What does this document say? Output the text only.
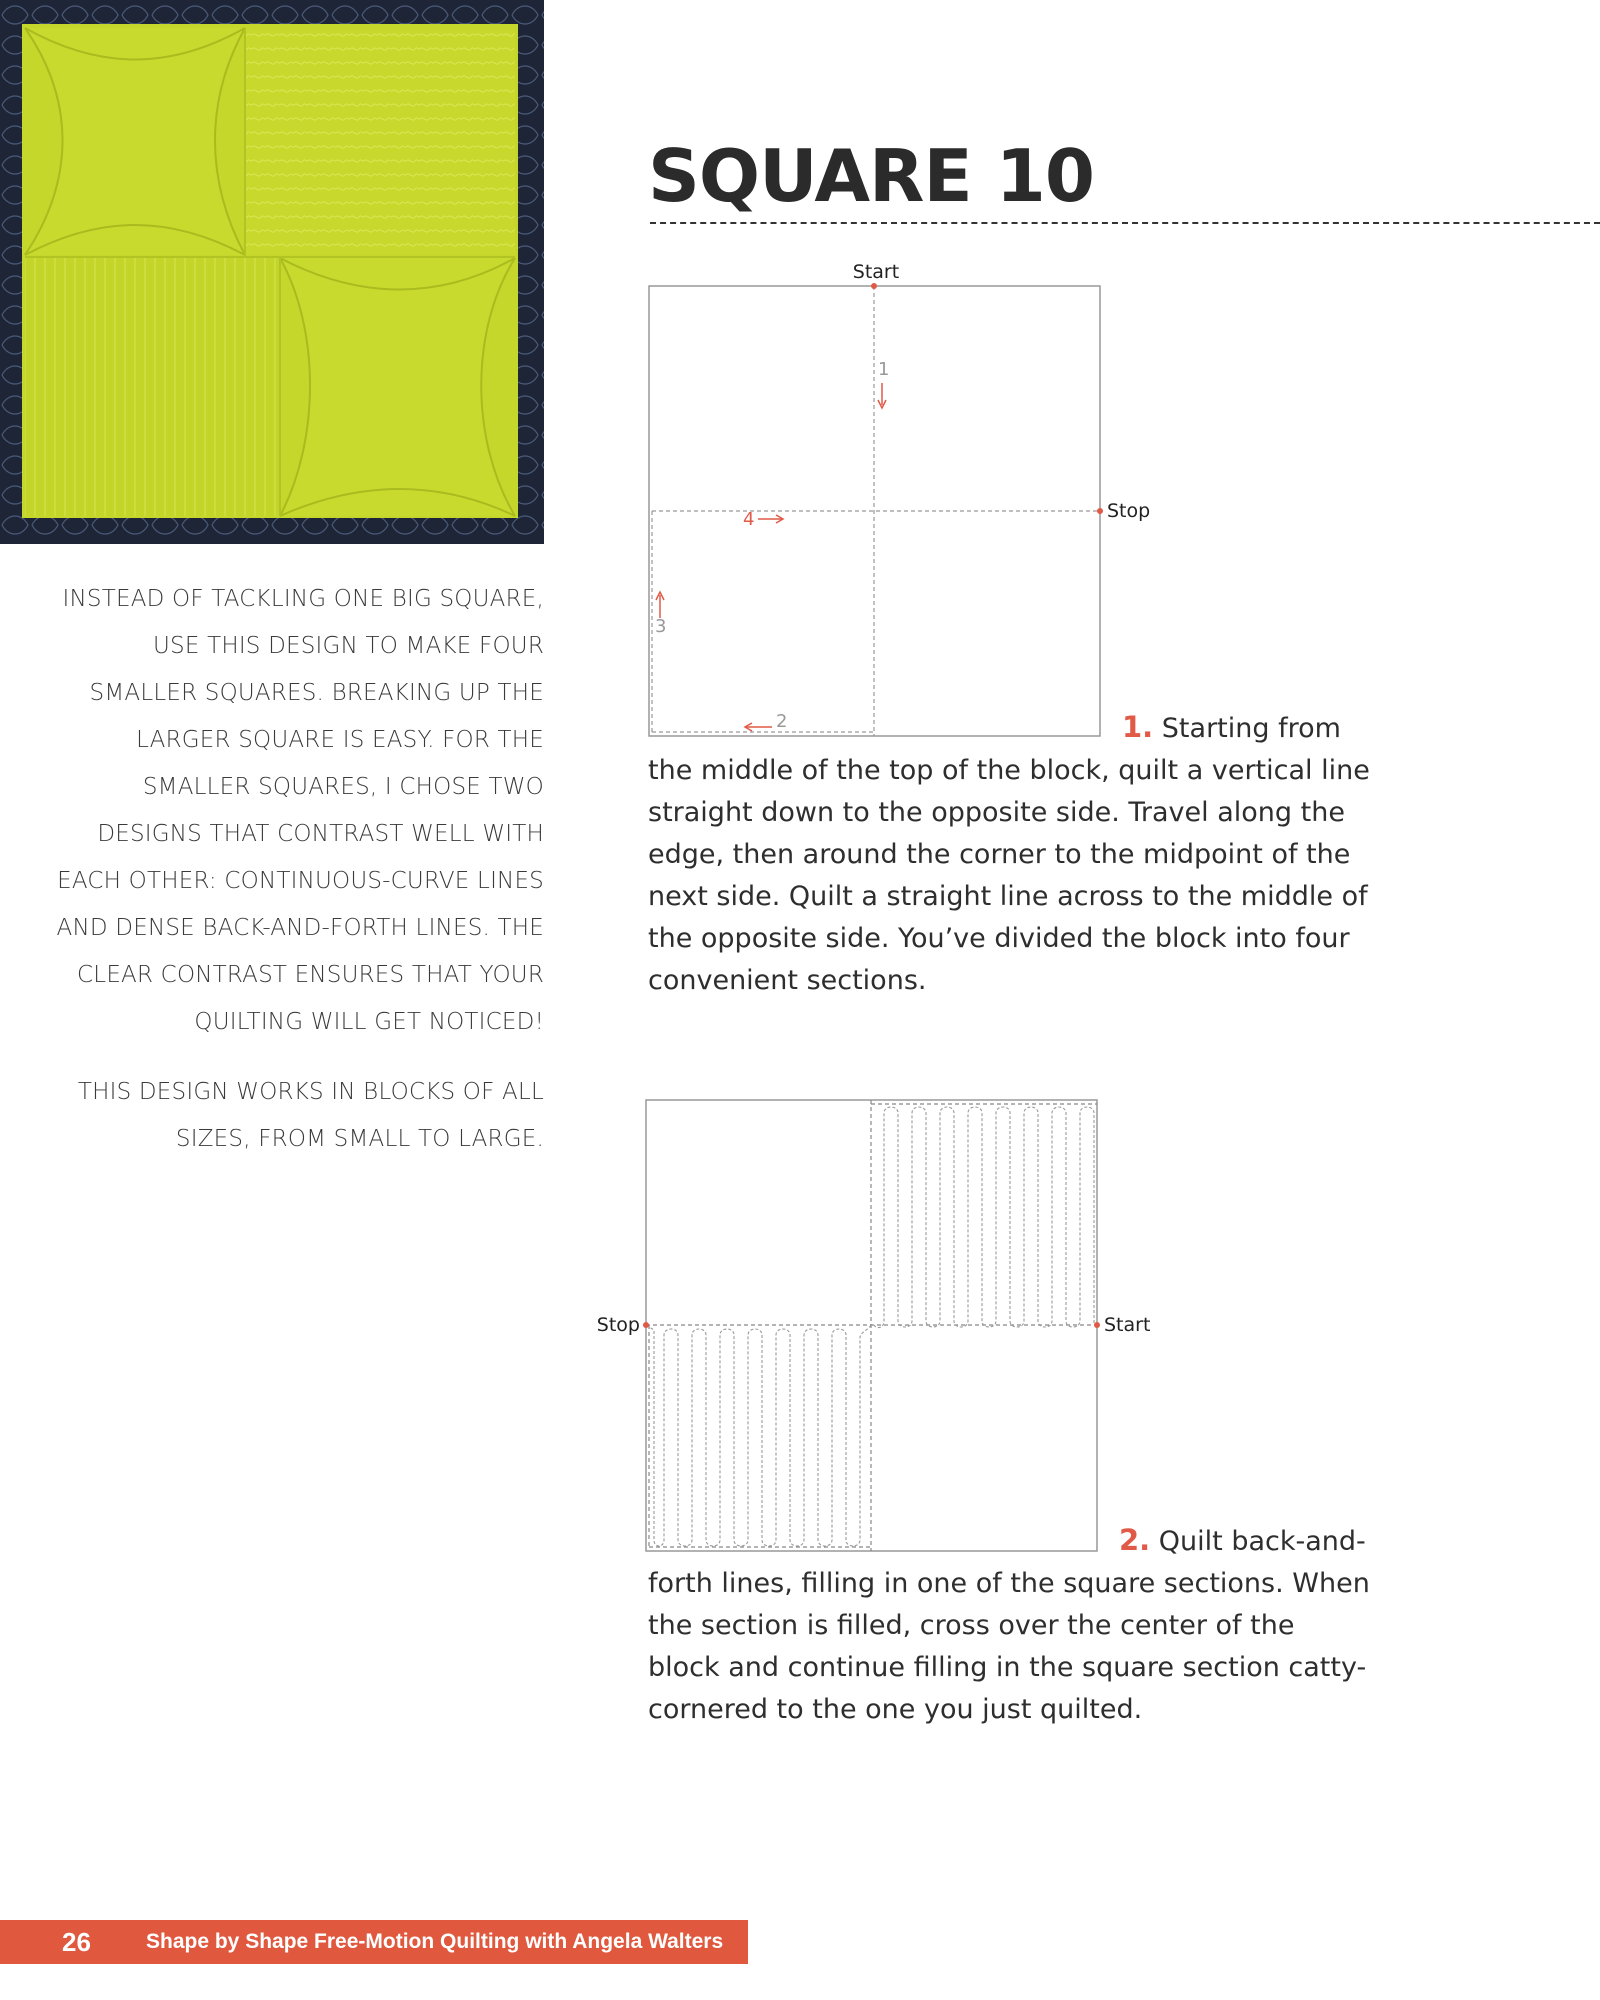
INSTEAD OF TACKLING ONE BIG SQUARE, USE THIS DESIGN TO MAKE FOUR SMALLER SQUARES. BREAKING UP THE LARGER SQUARE IS EASY. FOR THE SMALLER SQUARES, I CHOSE TWO DESIGNS THAT CONTRAST WELL WITH EACH OTHER: CONTINUOUS-CURVE LINES AND DENSE BACK-AND-FORTH LINES. THE CLEAR CONTRAST ENSURES THAT YOUR QUILTING WILL GET NOTICED!

THIS DESIGN WORKS IN BLOCKS OF ALL SIZES, FROM SMALL TO LARGE.

SQUARE 10
Start
Stop
1
2
3
4
1. Starting from the middle of the top of the block, quilt a vertical line straight down to the opposite side. Travel along the edge, then around the corner to the midpoint of the next side. Quilt a straight line across to the middle of the opposite side. You’ve divided the block into four convenient sections.
Start
Stop
2. Quilt back-and-forth lines, filling in one of the square sections. When the section is filled, cross over the center of the block and continue filling in the square section catty-cornered to the one you just quilted.
26	Shape by Shape Free-Motion Quilting with Angela Walters
